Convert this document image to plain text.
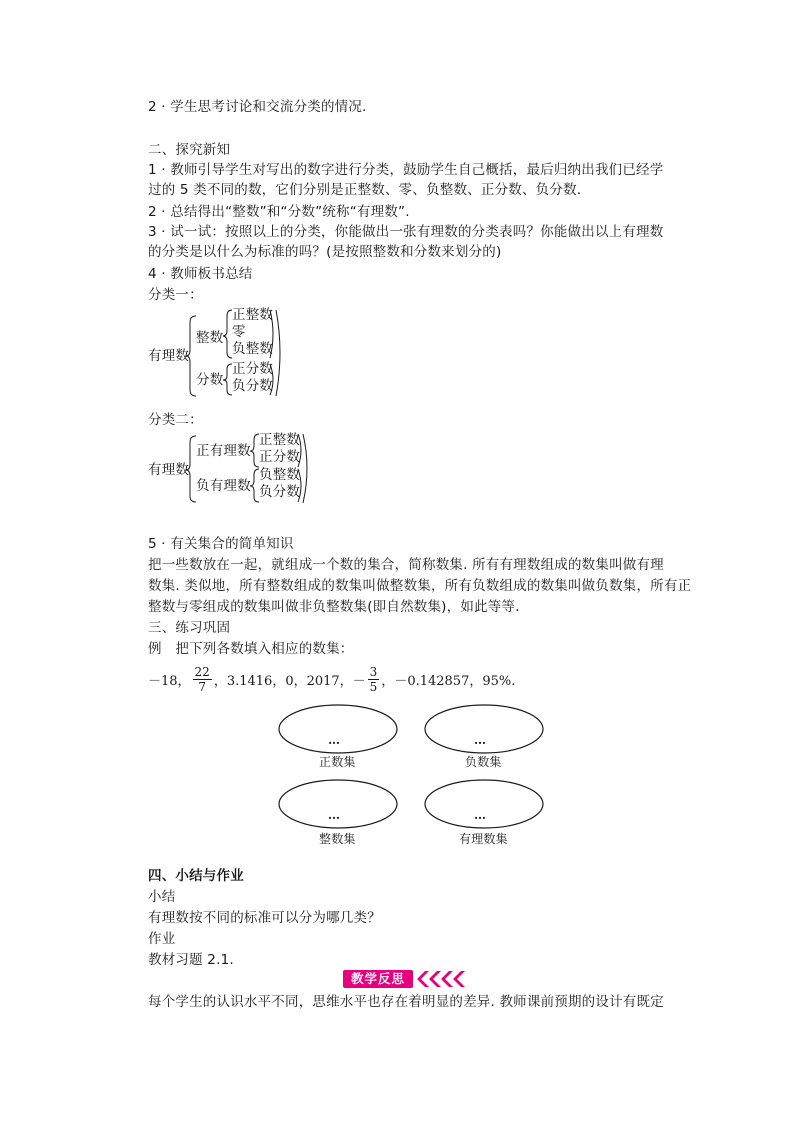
2 · 学生思考讨论和交流分类的情况.
二、探究新知
1 · 教师引导学生对写出的数字进行分类，鼓励学生自己概括，最后归纳出我们已经学
过的 5 类不同的数，它们分别是正整数、零、负整数、正分数、负分数.
2 · 总结得出“整数”和“分数”统称“有理数”.
3 · 试一试：按照以上的分类，你能做出一张有理数的分类表吗？你能做出以上有理数
的分类是以什么为标准的吗？(是按照整数和分数来划分的)
4 · 教师板书总结
分类一：
有理数
整数
正整数
零
负整数
分数
正分数
负分数
分类二：
有理数
正有理数
正整数
正分数
负有理数
负整数
负分数
5 · 有关集合的简单知识
把一些数放在一起，就组成一个数的集合，简称数集. 所有有理数组成的数集叫做有理
数集. 类似地，所有整数组成的数集叫做整数集，所有负数组成的数集叫做负数集，所有正
整数与零组成的数集叫做非负整数集(即自然数集)，如此等等.
三、练习巩固
例　把下列各数填入相应的数集：
－18， $\frac{22}{7}$ ，3.1416，0，2017，－ $\frac{3}{5}$ ，－0.142857，95%.
…	…
…	…
正数集	负数集
整数集	有理数集
四、小结与作业
小结
有理数按不同的标准可以分为哪几类？
作业
教材习题 2.1.
教学反思
每个学生的认识水平不同，思维水平也存在着明显的差异. 教师课前预期的设计有既定
